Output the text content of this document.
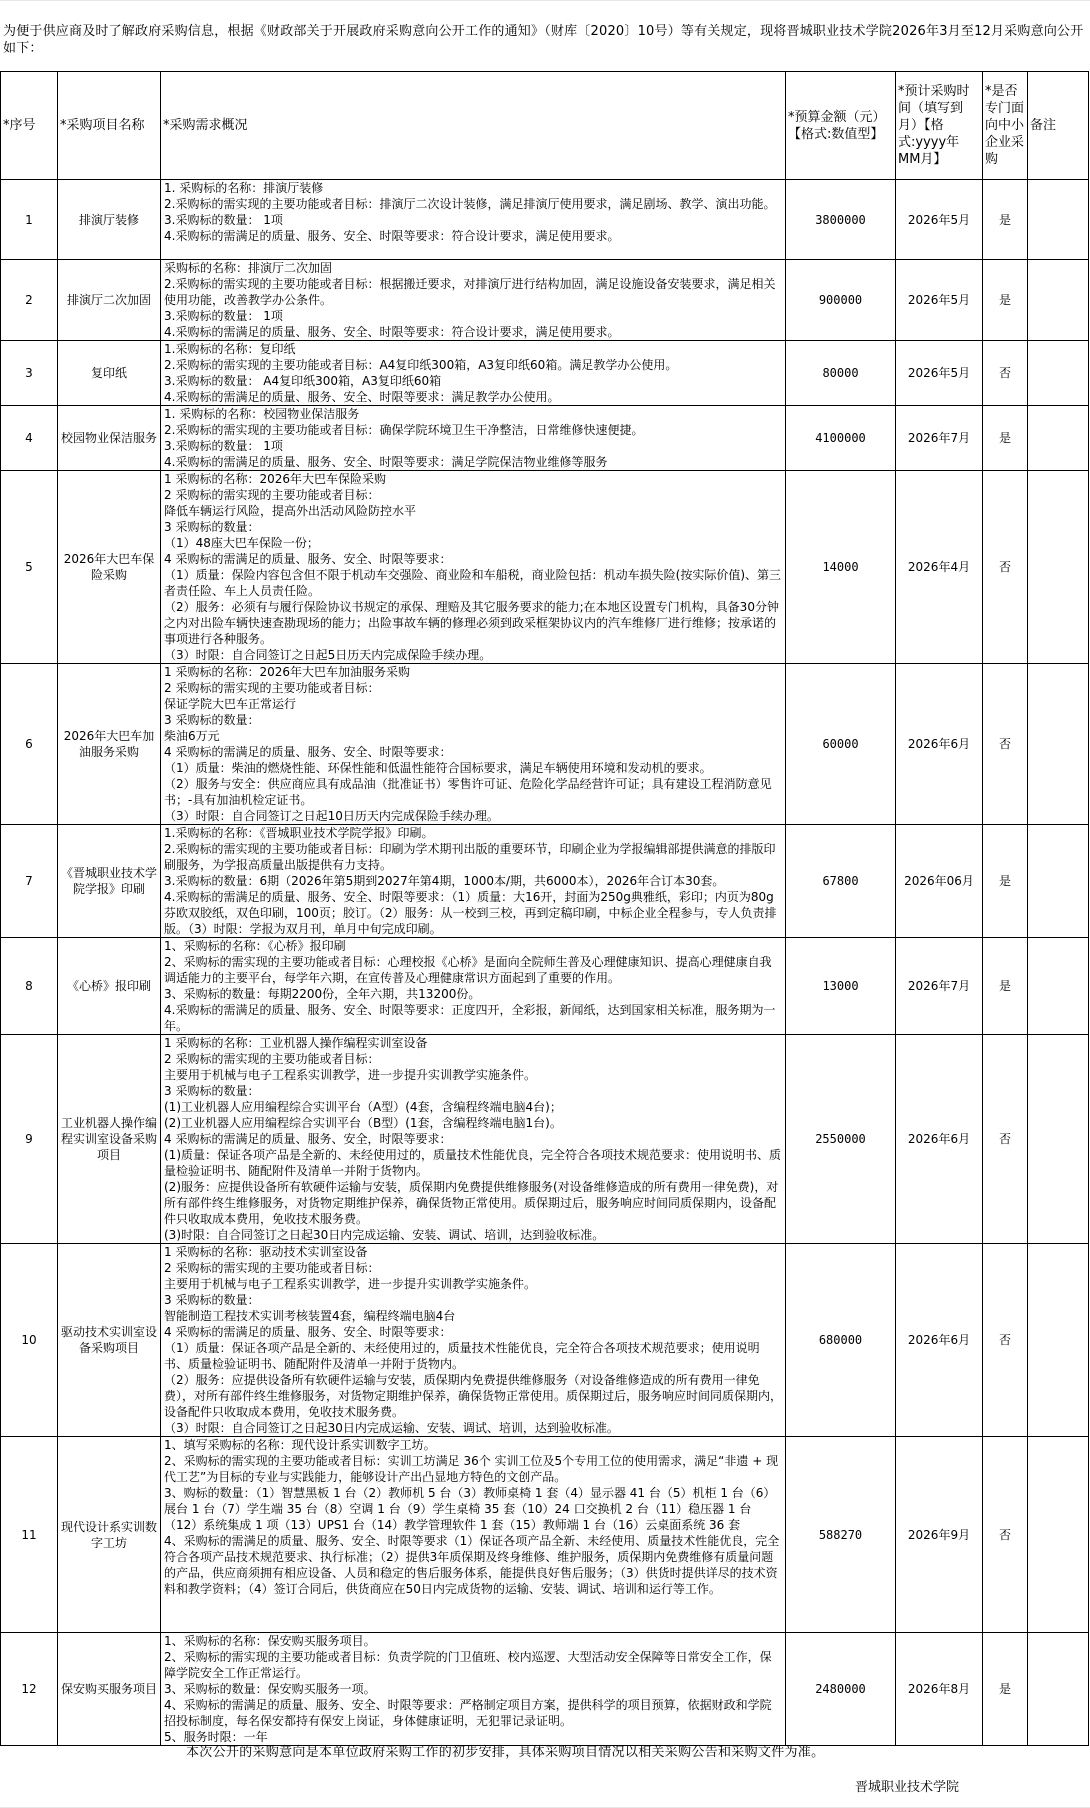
为便于供应商及时了解政府采购信息，根据《财政部关于开展政府采购意向公开工作的通知》（财库〔2020〕10号）等有关规定，现将晋城职业技术学院2026年3月至12月采购意向公开如下：
*序号	*采购项目名称	*采购需求概况	*预算金额（元）【格式:数值型】	*预计采购时间（填写到月）【格式:yyyy年MM月】	*是否专门面向中小企业采购	备注
1	排演厅装修	1. 采购标的名称：排演厅装修
2.采购标的需实现的主要功能或者目标：排演厅二次设计装修，满足排演厅使用要求，满足剧场、教学、演出功能。
3.采购标的数量： 1项
4.采购标的需满足的质量、服务、安全、时限等要求：符合设计要求，满足使用要求。	3800000	2026年5月	是	
2	排演厅二次加固	采购标的名称：排演厅二次加固
2.采购标的需实现的主要功能或者目标：根据搬迁要求，对排演厅进行结构加固，满足设施设备安装要求，满足相关使用功能，改善教学办公条件。
3.采购标的数量： 1项
4.采购标的需满足的质量、服务、安全、时限等要求：符合设计要求，满足使用要求。	900000	2026年5月	是	
3	复印纸	1.采购标的名称：复印纸
2.采购标的需实现的主要功能或者目标：A4复印纸300箱，A3复印纸60箱。满足教学办公使用。
3.采购标的数量： A4复印纸300箱，A3复印纸60箱
4.采购标的需满足的质量、服务、安全、时限等要求：满足教学办公使用。	80000	2026年5月	否	
4	校园物业保洁服务	1. 采购标的名称：校园物业保洁服务
2.采购标的需实现的主要功能或者目标：确保学院环境卫生干净整洁，日常维修快速便捷。
3.采购标的数量： 1项
4.采购标的需满足的质量、服务、安全、时限等要求：满足学院保洁物业维修等服务	4100000	2026年7月	是	
5	2026年大巴车保险采购	
1 采购标的名称：2026年大巴车保险采购
2 采购标的需实现的主要功能或者目标：
降低车辆运行风险，提高外出活动风险防控水平
3 采购标的数量：
（1）48座大巴车保险一份；
4 采购标的需满足的质量、服务、安全、时限等要求：
（1）质量：保险内容包含但不限于机动车交强险、商业险和车船税，商业险包括：机动车损失险(按实际价值)、第三者责任险、车上人员责任险。
（2）服务：必须有与履行保险协议书规定的承保、理赔及其它服务要求的能力;在本地区设置专门机构，具备30分钟之内对出险车辆快速查勘现场的能力；出险事故车辆的修理必须到政采框架协议内的汽车维修厂进行维修；按承诺的事项进行各种服务。
（3）时限：自合同签订之日起5日历天内完成保险手续办理。
	14000	2026年4月	否	
6	2026年大巴车加油服务采购	
1 采购标的名称：2026年大巴车加油服务采购
2 采购标的需实现的主要功能或者目标：
保证学院大巴车正常运行
3 采购标的数量：
柴油6万元
4 采购标的需满足的质量、服务、安全、时限等要求：
（1）质量：柴油的燃烧性能、环保性能和低温性能符合国标要求，满足车辆使用环境和发动机的要求。
（2）服务与安全：供应商应具有成品油（批准证书）零售许可证、危险化学品经营许可证；具有建设工程消防意见书；-具有加油机检定证书。
（3）时限：自合同签订之日起10日历天内完成保险手续办理。
	60000	2026年6月	否	
7	《晋城职业技术学院学报》印刷	1.采购标的名称：《晋城职业技术学院学报》印刷。
2.采购标的需实现的主要功能或者目标：印刷为学术期刊出版的重要环节，印刷企业为学报编辑部提供满意的排版印刷服务，为学报高质量出版提供有力支持。
3.采购标的数量：6期（2026年第5期到2027年第4期，1000本/期，共6000本），2026年合订本30套。
4.采购标的需满足的质量、服务、安全、时限等要求：（1）质量：大16开，封面为250g典雅纸，彩印；内页为80g芬欧双胶纸，双色印刷，100页；胶订。（2）服务：从一校到三校，再到定稿印刷，中标企业全程参与，专人负责排版。（3）时限：学报为双月刊，单月中旬完成印刷。	67800	2026年06月	是	
8	《心桥》报印刷	1、采购标的名称：《心桥》报印刷
2、采购标的需实现的主要功能或者目标：心理校报《心桥》是面向全院师生普及心理健康知识、提高心理健康自我调适能力的主要平台，每学年六期，在宣传普及心理健康常识方面起到了重要的作用。
3、采购标的数量：每期2200份，全年六期，共13200份。
4.采购标的需满足的质量、服务、安全、时限等要求：正度四开，全彩报，新闻纸，达到国家相关标准，服务期为一年。	13000	2026年7月	是	
9	工业机器人操作编程实训室设备采购项目	
1 采购标的名称：工业机器人操作编程实训室设备
2 采购标的需实现的主要功能或者目标：
主要用于机械与电子工程系实训教学，进一步提升实训教学实施条件。
3 采购标的数量：
(1)工业机器人应用编程综合实训平台（A型）(4套，含编程终端电脑4台)；
(2)工业机器人应用编程综合实训平台（B型）(1套，含编程终端电脑1台)。
4 采购标的需满足的质量、服务、安全，时限等要求：
(1)质量：保证各项产品是全新的、未经使用过的，质量技术性能优良，完全符合各项技术规范要求：使用说明书、质量检验证明书、随配附件及清单一并附于货物内。
(2)服务：应提供设备所有软硬件运输与安装，质保期内免费提供维修服务(对设备维修造成的所有费用一律免费)，对所有部件终生维修服务，对货物定期维护保养，确保货物正常使用。质保期过后，服务响应时间同质保期内，设备配件只收取成本费用，免收技术服务费。
(3)时限：自合同签订之日起30日内完成运输、安装、调试、培训，达到验收标准。
	2550000	2026年6月	否	
10	驱动技术实训室设备采购项目	
1 采购标的名称：驱动技术实训室设备
2 采购标的需实现的主要功能或者目标：
主要用于机械与电子工程系实训教学，进一步提升实训教学实施条件。
3 采购标的数量：
智能制造工程技术实训考核装置4套，编程终端电脑4台
4 采购标的需满足的质量、服务、安全、时限等要求：
（1）质量：保证各项产品是全新的、未经使用过的，质量技术性能优良，完全符合各项技术规范要求；使用说明书、质量检验证明书、随配附件及清单一并附于货物内。
（2）服务：应提供设备所有软硬件运输与安装，质保期内免费提供维修服务（对设备维修造成的所有费用一律免费），对所有部件终生维修服务，对货物定期维护保养，确保货物正常使用。质保期过后，服务响应时间同质保期内，设备配件只收取成本费用，免收技术服务费。
（3）时限：自合同签订之日起30日内完成运输、安装、调试、培训，达到验收标准。
	680000	2026年6月	否	
11	现代设计系实训数字工坊	1、填写采购标的名称：现代设计系实训数字工坊。
2、采购标的需实现的主要功能或者目标：实训工坊满足 36个 实训工位及5个专用工位的使用需求，满足“非遗 + 现代工艺”为目标的专业与实践能力，能够设计产出凸显地方特色的文创产品。
3、购标的数量：（1）智慧黑板 1 台（2）教师机 5 台（3）教师桌椅 1 套（4）显示器 41 台（5）机柜 1 台（6）展台 1 台（7）学生端 35 台（8）空调 1 台（9）学生桌椅 35 套（10）24 口交换机 2 台（11）稳压器 1 台（12）系统集成 1 项（13）UPS1 台（14）教学管理软件 1 套（15）教师端 1 台（16）云桌面系统 36 套
4、采购标的需满足的质量、服务、安全、时限等要求（1）保证各项产品全新、未经使用、质量技术性能优良，完全符合各项产品技术规范要求、执行标准；（2）提供3年质保期及终身维修、维护服务，质保期内免费维修有质量问题的产品，供应商须拥有相应设备、人员和稳定的售后服务体系，能提供良好售后服务；（3）供货时提供详尽的技术资料和教学资料；（4）签订合同后，供货商应在50日内完成货物的运输、安装、调试、培训和运行等工作。	588270	2026年9月	否	
12	保安购买服务项目	1、采购标的名称：保安购买服务项目。
2、采购标的需实现的主要功能或者目标：负责学院的门卫值班、校内巡逻、大型活动安全保障等日常安全工作，保障学院安全工作正常运行。
3、采购标的数量：保安购买服务一项。
4、采购标的需满足的质量、服务、安全、时限等要求：严格制定项目方案，提供科学的项目预算，依据财政和学院招投标制度，每名保安都持有保安上岗证，身体健康证明，无犯罪记录证明。
5、服务时限：一年	2480000	2026年8月	是	
本次公开的采购意向是本单位政府采购工作的初步安排，具体采购项目情况以相关采购公告和采购文件为准。
晋城职业技术学院
